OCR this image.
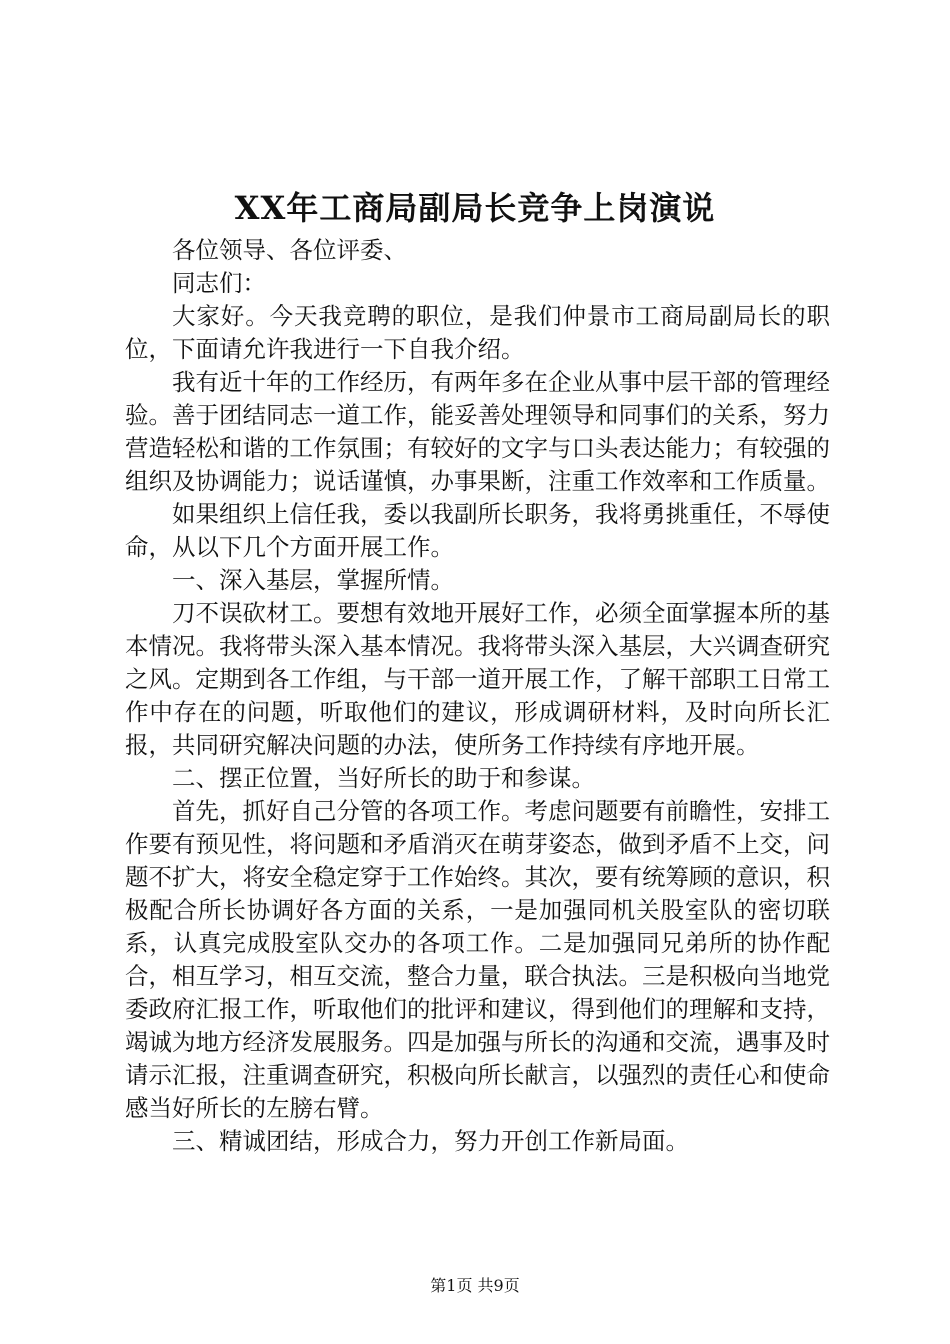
XX年工商局副局长竞争上岗演说

各位领导、各位评委、

同志们：

大家好。今天我竞聘的职位，是我们仲景市工商局副局长的职位，下面请允许我进行一下自我介绍。

我有近十年的工作经历，有两年多在企业从事中层干部的管理经验。善于团结同志一道工作，能妥善处理领导和同事们的关系，努力营造轻松和谐的工作氛围；有较好的文字与口头表达能力；有较强的组织及协调能力；说话谨慎，办事果断，注重工作效率和工作质量。

如果组织上信任我，委以我副所长职务，我将勇挑重任，不辱使命，从以下几个方面开展工作。

一、深入基层，掌握所情。

刀不误砍材工。要想有效地开展好工作，必须全面掌握本所的基本情况。我将带头深入基本情况。我将带头深入基层，大兴调查研究之风。定期到各工作组，与干部一道开展工作，了解干部职工日常工作中存在的问题，听取他们的建议，形成调研材料，及时向所长汇报，共同研究解决问题的办法，使所务工作持续有序地开展。

二、摆正位置，当好所长的助于和参谋。

首先，抓好自己分管的各项工作。考虑问题要有前瞻性，安排工作要有预见性，将问题和矛盾消灭在萌芽姿态，做到矛盾不上交，问题不扩大，将安全稳定穿于工作始终。其次，要有统筹顾的意识，积极配合所长协调好各方面的关系，一是加强同机关股室队的密切联系，认真完成股室队交办的各项工作。二是加强同兄弟所的协作配合，相互学习，相互交流，整合力量，联合执法。三是积极向当地党委政府汇报工作，听取他们的批评和建议，得到他们的理解和支持，竭诚为地方经济发展服务。四是加强与所长的沟通和交流，遇事及时请示汇报，注重调查研究，积极向所长献言，以强烈的责任心和使命感当好所长的左膀右臂。

三、精诚团结，形成合力，努力开创工作新局面。

第1页 共9页
